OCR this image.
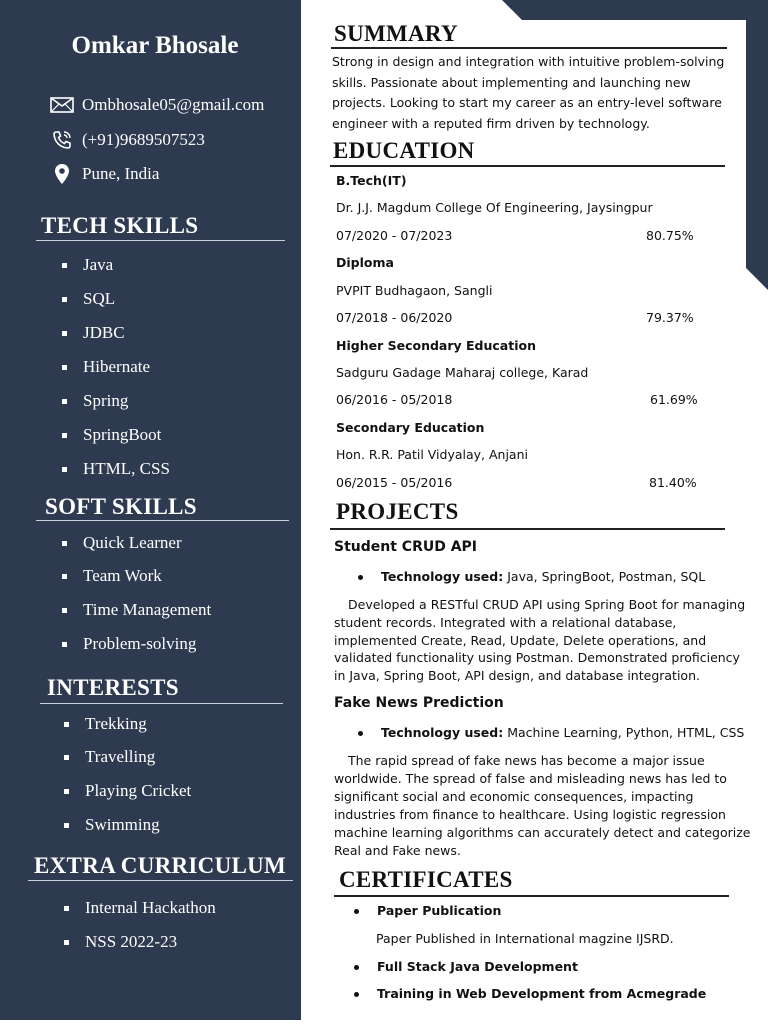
Omkar Bhosale
Ombhosale05@gmail.com
(+91)9689507523
Pune, India
TECH SKILLS
Java
SQL
JDBC
Hibernate
Spring
SpringBoot
HTML, CSS
SOFT SKILLS
Quick Learner
Team Work
Time Management
Problem-solving
INTERESTS
Trekking
Travelling
Playing Cricket
Swimming
EXTRA CURRICULUM
Internal Hackathon
NSS 2022-23
SUMMARY
Strong in design and integration with intuitive problem-solving
skills. Passionate about implementing and launching new
projects. Looking to start my career as an entry-level software
engineer with a reputed firm driven by technology.
EDUCATION
B.Tech(IT)
Dr. J.J. Magdum College Of Engineering, Jaysingpur
07/2020 - 07/2023	80.75%
Diploma
PVPIT Budhagaon, Sangli
07/2018 - 06/2020	79.37%
Higher Secondary Education
Sadguru Gadage Maharaj college, Karad
06/2016 - 05/2018	61.69%
Secondary Education
Hon. R.R. Patil Vidyalay, Anjani
06/2015 - 05/2016	81.40%
PROJECTS
Student CRUD API
Technology used: Java, SpringBoot, Postman, SQL
Developed a RESTful CRUD API using Spring Boot for managing
student records. Integrated with a relational database,
implemented Create, Read, Update, Delete operations, and
validated functionality using Postman. Demonstrated proficiency
in Java, Spring Boot, API design, and database integration.
Fake News Prediction
Technology used: Machine Learning, Python, HTML, CSS
The rapid spread of fake news has become a major issue
worldwide. The spread of false and misleading news has led to
significant social and economic consequences, impacting
industries from finance to healthcare. Using logistic regression
machine learning algorithms can accurately detect and categorize
Real and Fake news.
CERTIFICATES
Paper Publication
Paper Published in International magzine IJSRD.
Full Stack Java Development
Training in Web Development from Acmegrade
